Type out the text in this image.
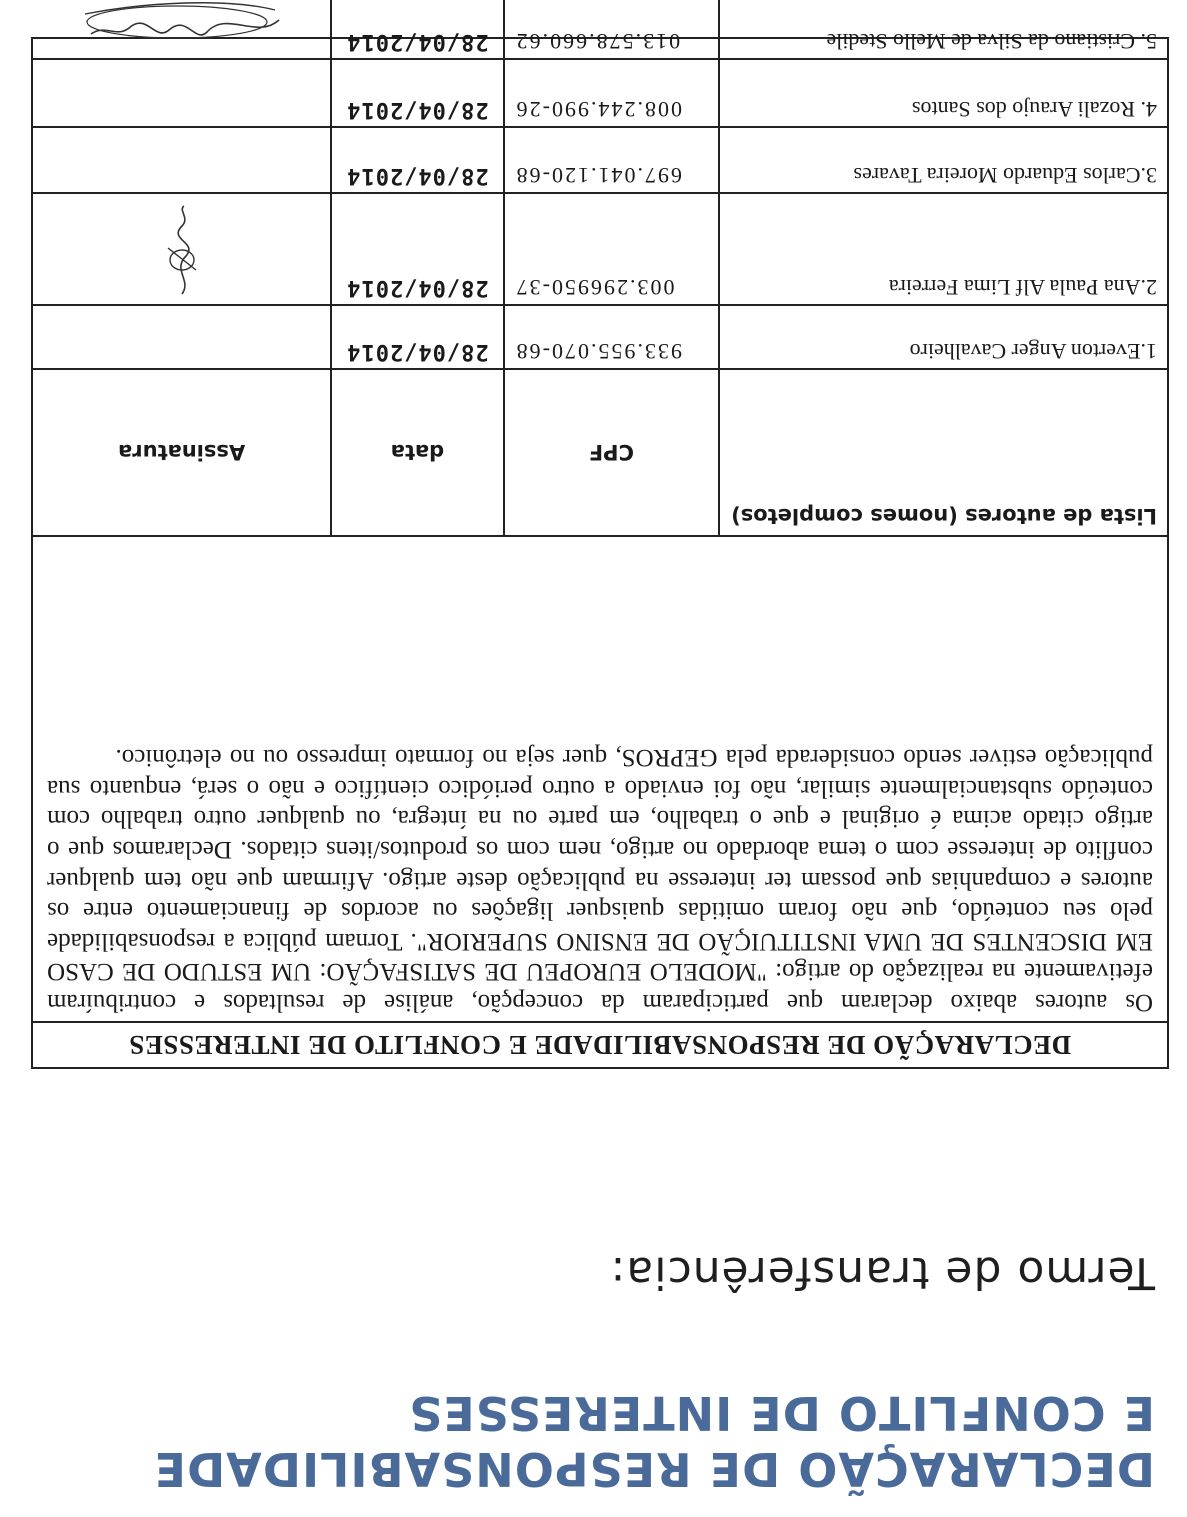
DECLARAÇÃO DE RESPONSABILIDADE E CONFLITO DE INTERESSES
Termo de transferência:
DECLARAÇÃO DE RESPONSABILIDADE E CONFLITO DE INTERESSES
Os autores abaixo declaram que participaram da concepção, análise de resultados e contribuíram efetivamente na realização do artigo: "MODELO EUROPEU DE SATISFAÇÃO: UM ESTUDO DE CASO EM DISCENTES DE UMA INSTITUIÇÃO DE ENSINO SUPERIOR". Tornam pública a responsabilidade pelo seu conteúdo, que não foram omitidas quaisquer ligações ou acordos de financiamento entre os autores e companhias que possam ter interesse na publicação deste artigo. Afirmam que não tem qualquer conflito de interesse com o tema abordado no artigo, nem com os produtos/itens citados. Declaramos que o artigo citado acima é original e que o trabalho, em parte ou na íntegra, ou qualquer outro trabalho com conteúdo substancialmente similar, não foi enviado a outro periódico científico e não o será, enquanto sua publicação estiver sendo considerada pela GEPROS, quer seja no formato impresso ou no eletrônico.
Lista de autores (nomes completos)	CPF	data	Assinatura
1.Everton Anger Cavalheiro	933.955.070-68	28/04/2014	
2.Ana Paula Alf Lima Ferreira	003.296950-37	28/04/2014	
3.Carlos Eduardo Moreira Tavares	697.041.120-68	28/04/2014	
4. Rozali Araujo dos Santos	008.244.990-26	28/04/2014	
5. Cristiano da Silva de Mello Stedile	013.578.660.62	28/04/2014	
